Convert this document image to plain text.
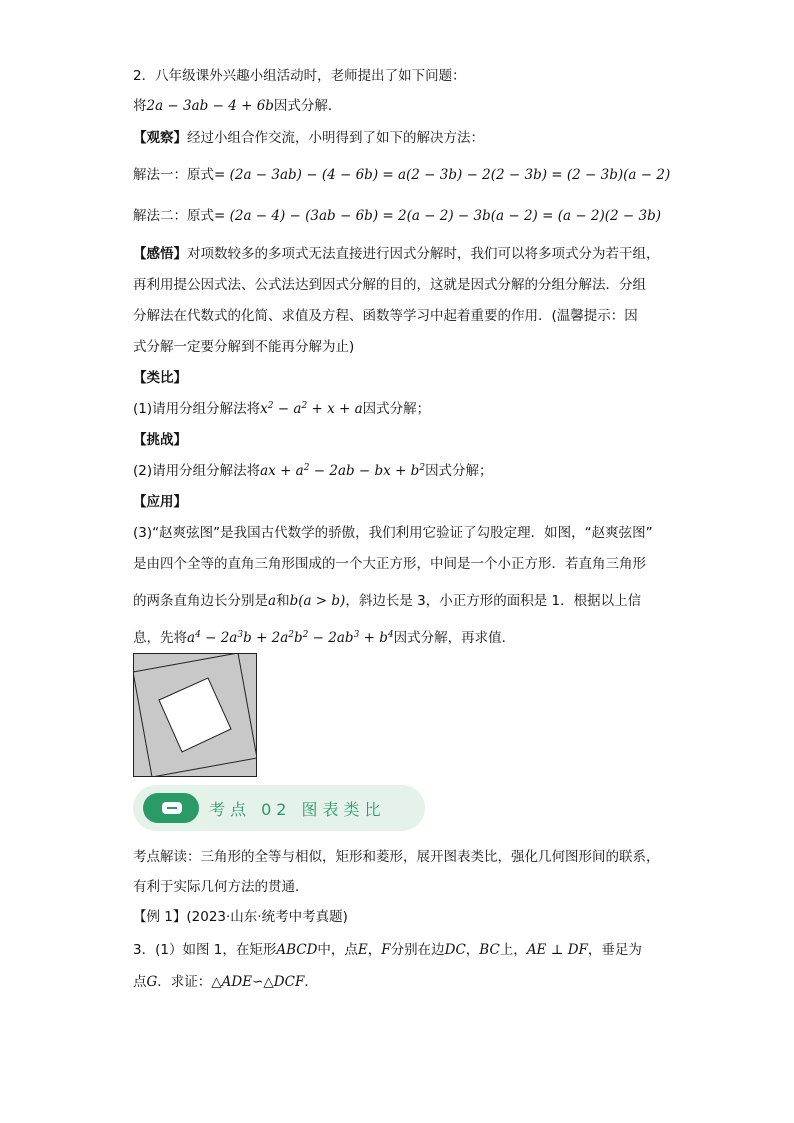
2．八年级课外兴趣小组活动时，老师提出了如下问题：
将2a − 3ab − 4 + 6b因式分解．
【观察】经过小组合作交流，小明得到了如下的解决方法：
解法一：原式= (2a − 3ab) − (4 − 6b) = a(2 − 3b) − 2(2 − 3b) = (2 − 3b)(a − 2)
解法二：原式= (2a − 4) − (3ab − 6b) = 2(a − 2) − 3b(a − 2) = (a − 2)(2 − 3b)
【感悟】对项数较多的多项式无法直接进行因式分解时，我们可以将多项式分为若干组，
再利用提公因式法、公式法达到因式分解的目的，这就是因式分解的分组分解法．分组
分解法在代数式的化简、求值及方程、函数等学习中起着重要的作用．(温馨提示：因
式分解一定要分解到不能再分解为止)
【类比】
(1)请用分组分解法将$x^2 - a^2 + x + a$因式分解；
【挑战】
(2)请用分组分解法将ax + $a^2 - 2ab$ − bx + $b^2$因式分解；
【应用】
(3)“赵爽弦图”是我国古代数学的骄傲，我们利用它验证了勾股定理．如图，“赵爽弦图”
是由四个全等的直角三角形围成的一个大正方形，中间是一个小正方形．若直角三角形
的两条直角边长分别是a和b(a > b)，斜边长是 3，小正方形的面积是 1．根据以上信
息，先将$a^4 - 2a^3b + 2a^2b^2 - 2ab^3 + b^4$因式分解，再求值．
考点 02 图表类比
考点解读：三角形的全等与相似，矩形和菱形，展开图表类比，强化几何图形间的联系，
有利于实际几何方法的贯通．
【例 1】(2023·山东·统考中考真题)
3．(1）如图 1，在矩形ABCD中，点E，F分别在边DC，BC上，AE ⊥ DF，垂足为
点G．求证：△ADE∽△DCF．
